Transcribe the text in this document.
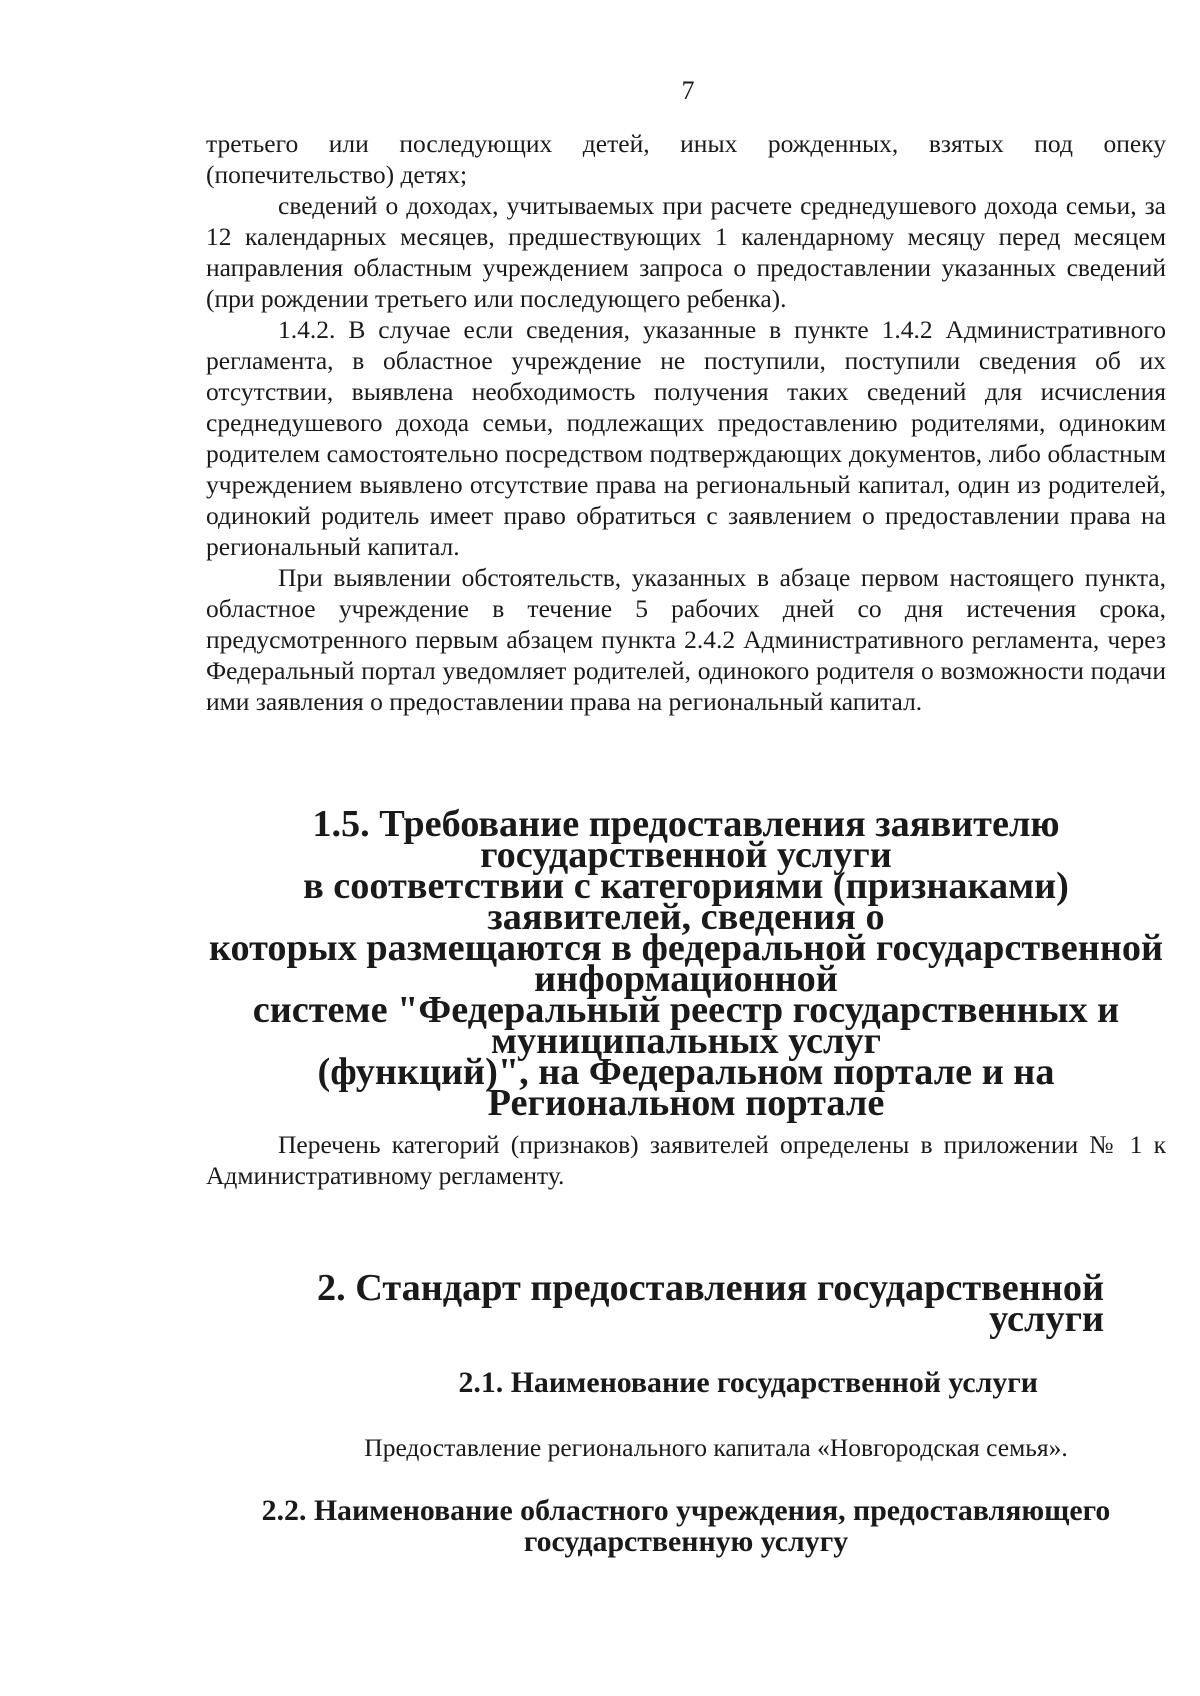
7

третьего или последующих детей, иных рожденных, взятых под опеку (попечительство) детях;

сведений о доходах, учитываемых при расчете среднедушевого дохода семьи, за 12 календарных месяцев, предшествующих 1 календарному месяцу перед месяцем направления областным учреждением запроса о предоставлении указанных сведений (при рождении третьего или последующего ребенка).

1.4.2. В случае если сведения, указанные в пункте 1.4.2 Административного регламента, в областное учреждение не поступили, поступили сведения об их отсутствии, выявлена необходимость получения таких сведений для исчисления среднедушевого дохода семьи, подлежащих предоставлению родителями, одиноким родителем самостоятельно посредством подтверждающих документов, либо областным учреждением выявлено отсутствие права на региональный капитал, один из родителей, одинокий родитель имеет право обратиться с заявлением о предоставлении права на региональный капитал.

При выявлении обстоятельств, указанных в абзаце первом настоящего пункта, областное учреждение в течение 5 рабочих дней со дня истечения срока, предусмотренного первым абзацем пункта 2.4.2 Административного регламента, через Федеральный портал уведомляет родителей, одинокого родителя о возможности подачи ими заявления о предоставлении права на региональный капитал.

1.5. Требование предоставления заявителю государственной услуги
в соответствии с категориями (признаками) заявителей, сведения о
которых размещаются в федеральной государственной информационной
системе "Федеральный реестр государственных и муниципальных услуг
(функций)", на Федеральном портале и на Региональном портале

Перечень категорий (признаков) заявителей определены в приложении № 1 к Административному регламенту.

2. Стандарт предоставления государственной услуги
2.1. Наименование государственной услуги

Предоставление регионального капитала «Новгородская семья».

2.2. Наименование областного учреждения, предоставляющего
государственную услугу
